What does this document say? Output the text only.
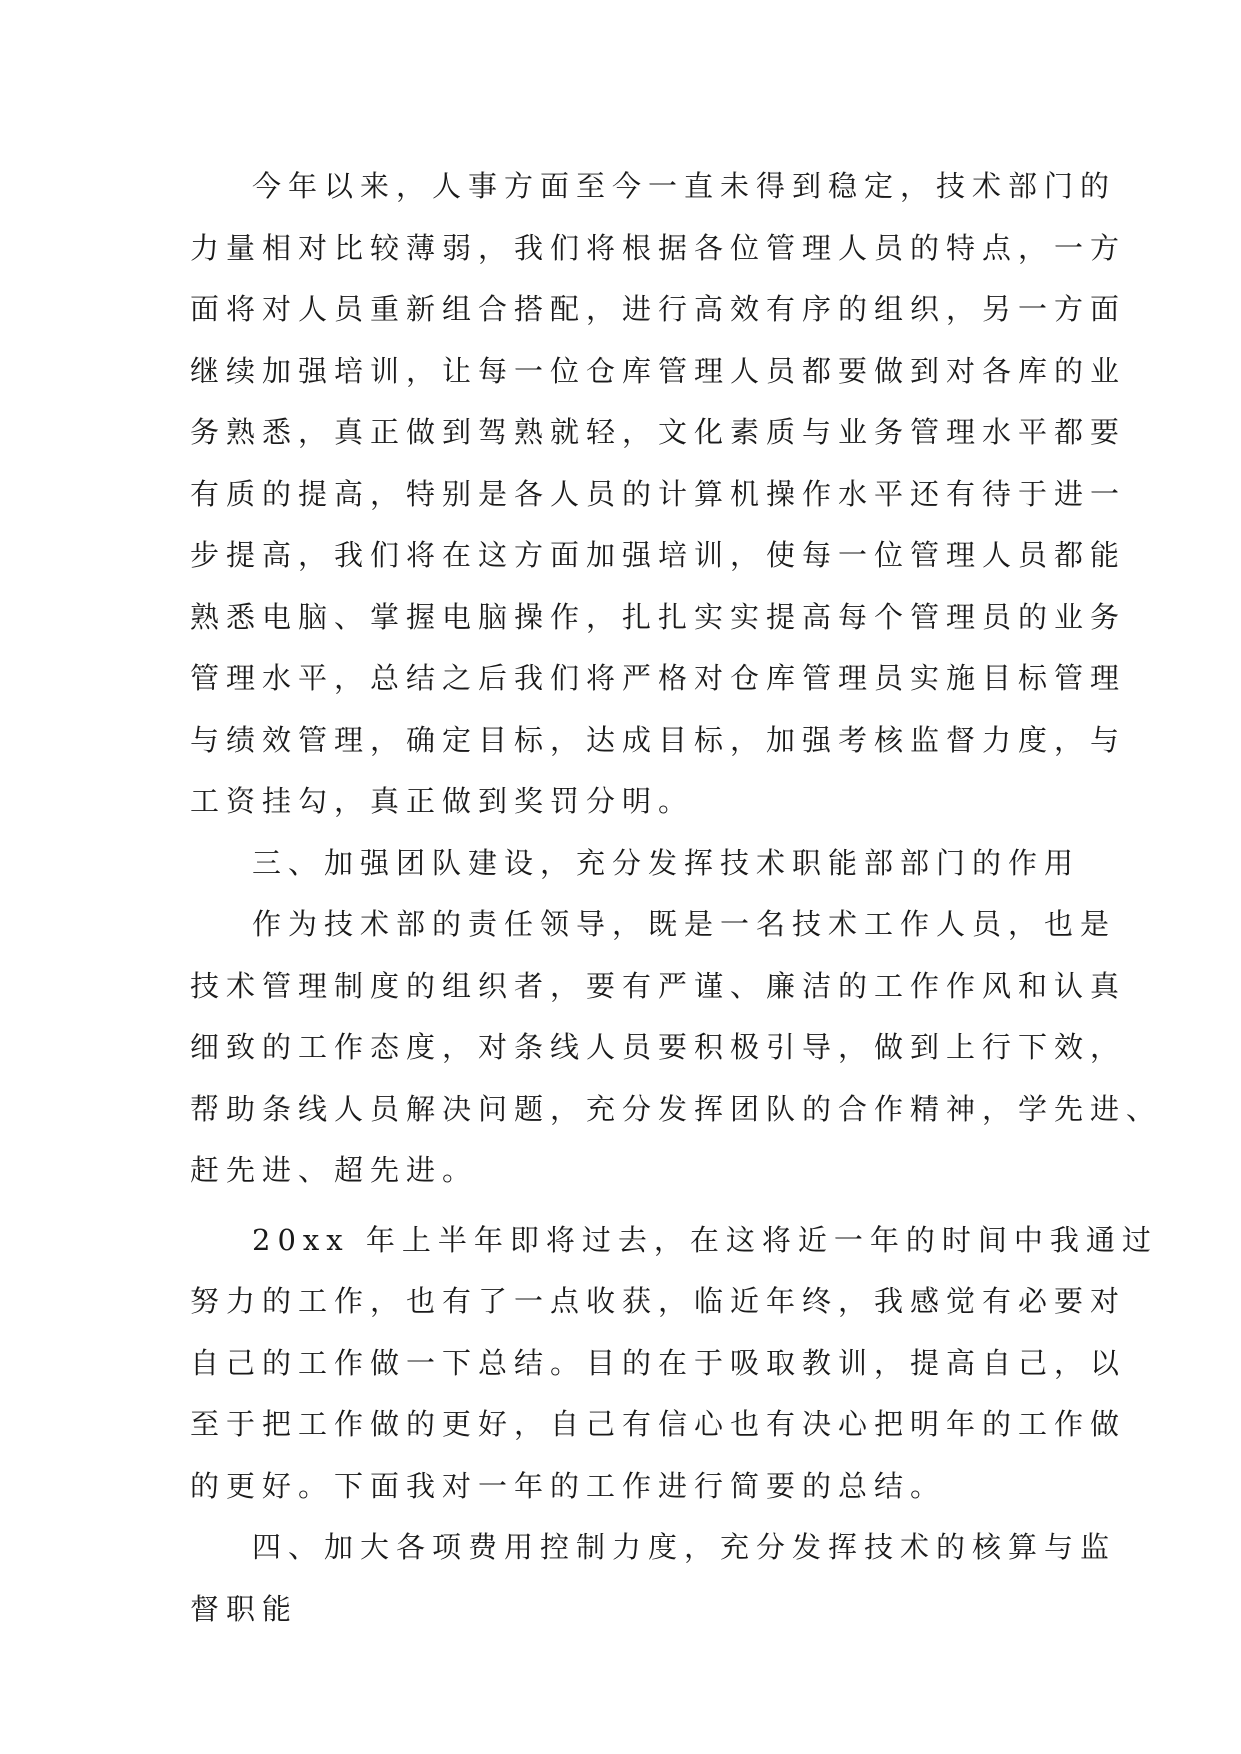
今年以来，人事方面至今一直未得到稳定，技术部门的
力量相对比较薄弱，我们将根据各位管理人员的特点，一方
面将对人员重新组合搭配，进行高效有序的组织，另一方面
继续加强培训，让每一位仓库管理人员都要做到对各库的业
务熟悉，真正做到驾熟就轻，文化素质与业务管理水平都要
有质的提高，特别是各人员的计算机操作水平还有待于进一
步提高，我们将在这方面加强培训，使每一位管理人员都能
熟悉电脑、掌握电脑操作，扎扎实实提高每个管理员的业务
管理水平，总结之后我们将严格对仓库管理员实施目标管理
与绩效管理，确定目标，达成目标，加强考核监督力度，与
工资挂勾，真正做到奖罚分明。
三、加强团队建设，充分发挥技术职能部部门的作用
作为技术部的责任领导，既是一名技术工作人员，也是
技术管理制度的组织者，要有严谨、廉洁的工作作风和认真
细致的工作态度，对条线人员要积极引导，做到上行下效，
帮助条线人员解决问题，充分发挥团队的合作精神，学先进、
赶先进、超先进。
20xx 年上半年即将过去，在这将近一年的时间中我通过
努力的工作，也有了一点收获，临近年终，我感觉有必要对
自己的工作做一下总结。目的在于吸取教训，提高自己，以
至于把工作做的更好，自己有信心也有决心把明年的工作做
的更好。下面我对一年的工作进行简要的总结。
四、加大各项费用控制力度，充分发挥技术的核算与监
督职能
